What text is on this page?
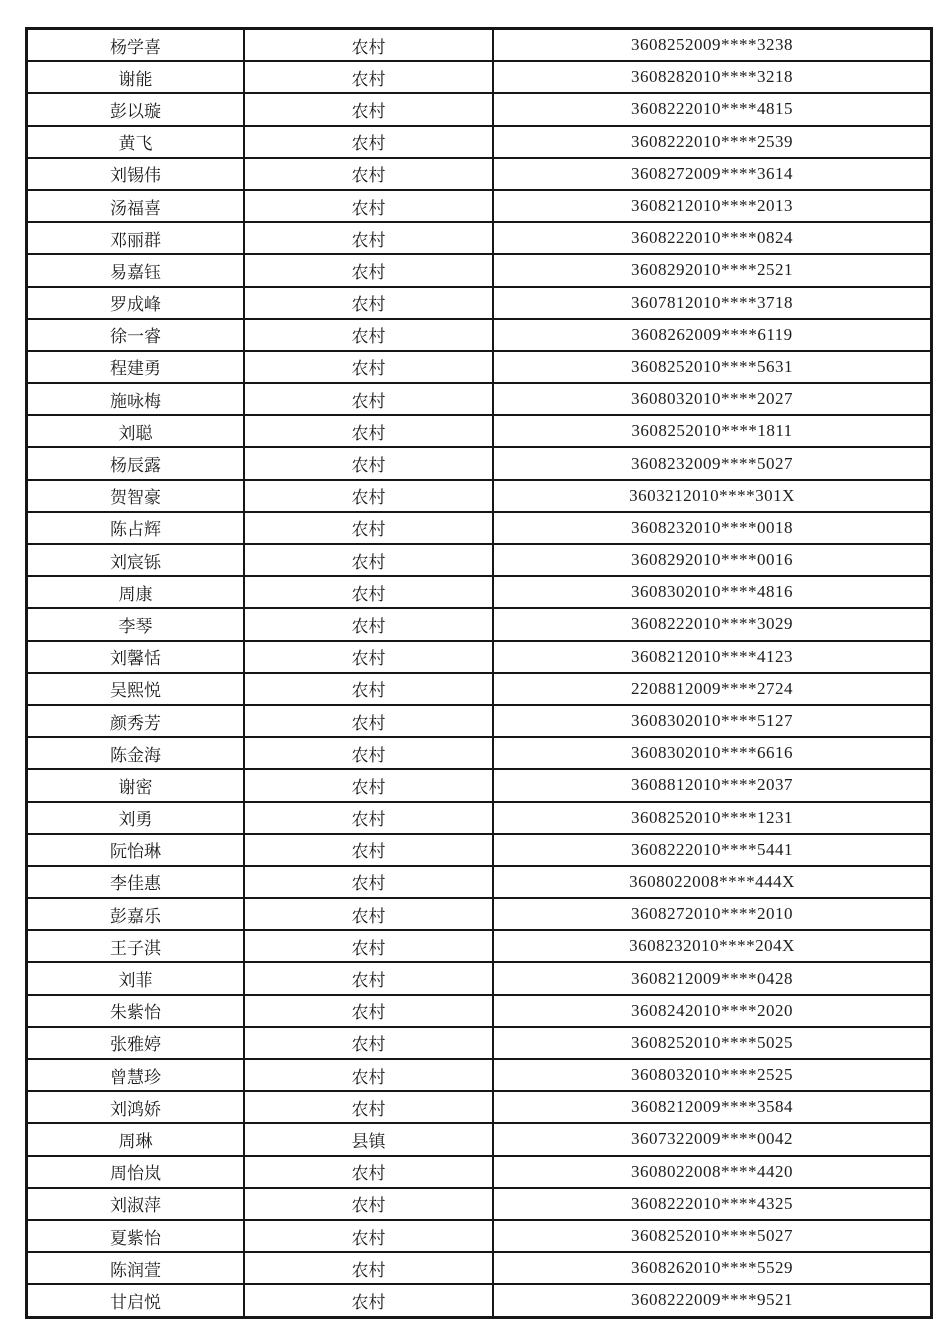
杨学喜	农村	3608252009****3238
谢能	农村	3608282010****3218
彭以璇	农村	3608222010****4815
黄飞	农村	3608222010****2539
刘锡伟	农村	3608272009****3614
汤福喜	农村	3608212010****2013
邓丽群	农村	3608222010****0824
易嘉钰	农村	3608292010****2521
罗成峰	农村	3607812010****3718
徐一睿	农村	3608262009****6119
程建勇	农村	3608252010****5631
施咏梅	农村	3608032010****2027
刘聪	农村	3608252010****1811
杨辰露	农村	3608232009****5027
贺智豪	农村	3603212010****301X
陈占辉	农村	3608232010****0018
刘宸铄	农村	3608292010****0016
周康	农村	3608302010****4816
李琴	农村	3608222010****3029
刘馨恬	农村	3608212010****4123
吴熙悦	农村	2208812009****2724
颜秀芳	农村	3608302010****5127
陈金海	农村	3608302010****6616
谢密	农村	3608812010****2037
刘勇	农村	3608252010****1231
阮怡琳	农村	3608222010****5441
李佳惠	农村	3608022008****444X
彭嘉乐	农村	3608272010****2010
王子淇	农村	3608232010****204X
刘菲	农村	3608212009****0428
朱紫怡	农村	3608242010****2020
张雅婷	农村	3608252010****5025
曾慧珍	农村	3608032010****2525
刘鸿娇	农村	3608212009****3584
周琳	县镇	3607322009****0042
周怡岚	农村	3608022008****4420
刘淑萍	农村	3608222010****4325
夏紫怡	农村	3608252010****5027
陈润萱	农村	3608262010****5529
甘启悦	农村	3608222009****9521
